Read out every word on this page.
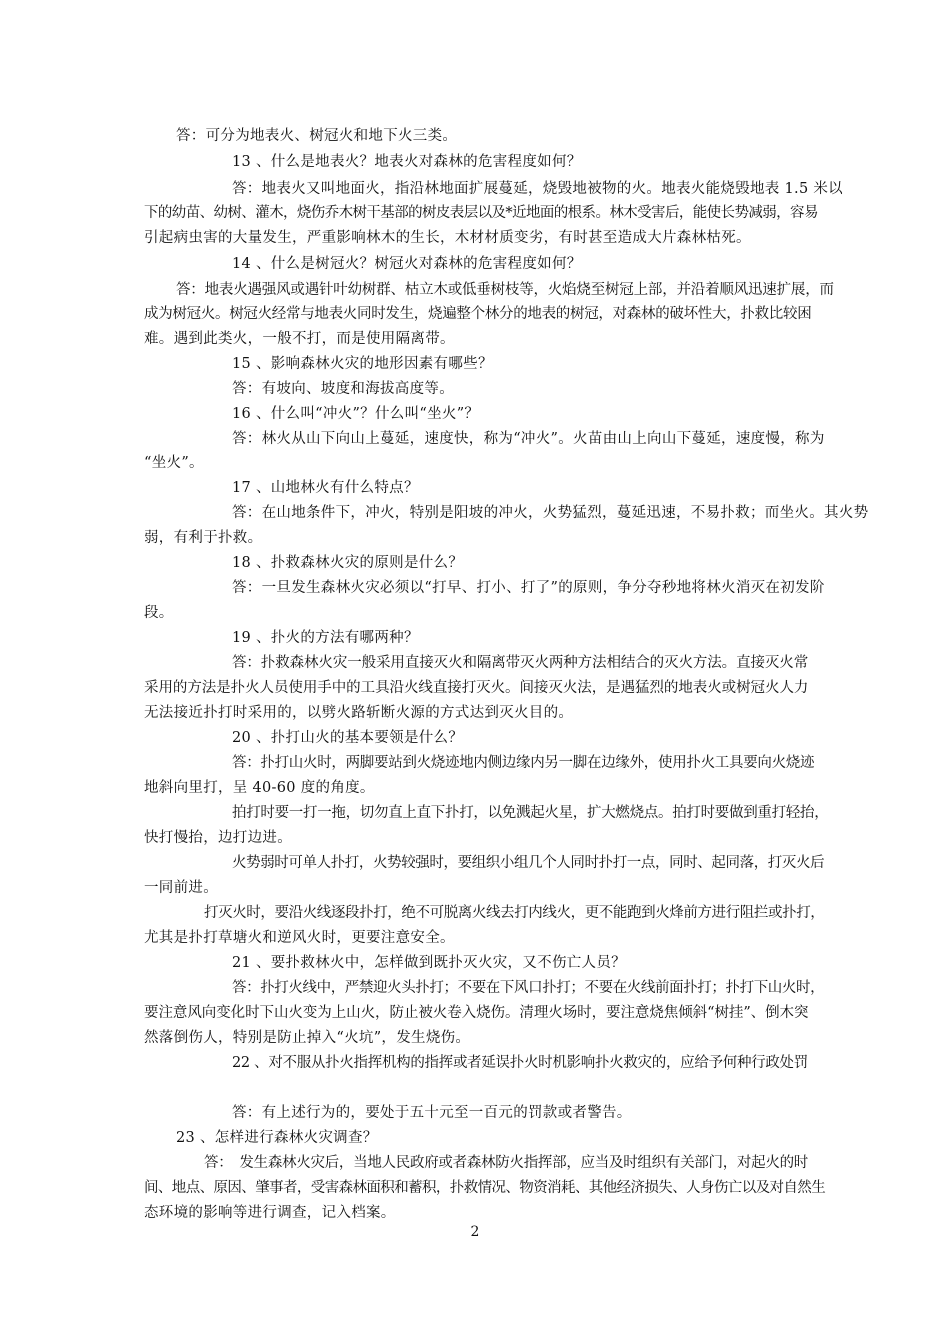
答：可分为地表火、树冠火和地下火三类。
13 、什么是地表火？地表火对森林的危害程度如何？
答：地表火又叫地面火，指沿林地面扩展蔓延，烧毁地被物的火。地表火能烧毁地表 1.5 米以
下的幼苗、幼树、灌木，烧伤乔木树干基部的树皮表层以及*近地面的根系。林木受害后，能使长势减弱，容易
引起病虫害的大量发生，严重影响林木的生长，木材材质变劣，有时甚至造成大片森林枯死。
14 、什么是树冠火？树冠火对森林的危害程度如何？
答：地表火遇强风或遇针叶幼树群、枯立木或低垂树枝等，火焰烧至树冠上部，并沿着顺风迅速扩展，而
成为树冠火。树冠火经常与地表火同时发生，烧遍整个林分的地表的树冠，对森林的破坏性大，扑救比较困
难。遇到此类火，一般不打，而是使用隔离带。
15 、影响森林火灾的地形因素有哪些？
答：有坡向、坡度和海拔高度等。
16 、什么叫“冲火”？什么叫“坐火”？
答：林火从山下向山上蔓延，速度快，称为“冲火”。火苗由山上向山下蔓延，速度慢，称为
“坐火”。
17 、山地林火有什么特点？
答：在山地条件下，冲火，特别是阳坡的冲火，火势猛烈，蔓延迅速，不易扑救；而坐火。其火势
弱，有利于扑救。
18 、扑救森林火灾的原则是什么？
答：一旦发生森林火灾必须以“打早、打小、打了”的原则，争分夺秒地将林火消灭在初发阶
段。
19 、扑火的方法有哪两种？
答：扑救森林火灾一般采用直接灭火和隔离带灭火两种方法相结合的灭火方法。直接灭火常
采用的方法是扑火人员使用手中的工具沿火线直接打灭火。间接灭火法，是遇猛烈的地表火或树冠火人力
无法接近扑打时采用的，以劈火路斩断火源的方式达到灭火目的。
20 、扑打山火的基本要领是什么？
答：扑打山火时，两脚要站到火烧迹地内侧边缘内另一脚在边缘外，使用扑火工具要向火烧迹
地斜向里打，呈 40-60 度的角度。
拍打时要一打一拖，切勿直上直下扑打，以免溅起火星，扩大燃烧点。拍打时要做到重打轻抬，
快打慢抬，边打边进。
火势弱时可单人扑打，火势较强时，要组织小组几个人同时扑打一点，同时、起同落，打灭火后
一同前进。
打灭火时，要沿火线逐段扑打，绝不可脱离火线去打内线火，更不能跑到火烽前方进行阻拦或扑打，
尤其是扑打草塘火和逆风火时，更要注意安全。
21 、要扑救林火中，怎样做到既扑灭火灾，又不伤亡人员？
答：扑打火线中，严禁迎火头扑打；不要在下风口扑打；不要在火线前面扑打；扑打下山火时，
要注意风向变化时下山火变为上山火，防止被火卷入烧伤。清理火场时，要注意烧焦倾斜“树挂”、倒木突
然落倒伤人，特别是防止掉入“火坑”，发生烧伤。
22 、对不服从扑火指挥机构的指挥或者延误扑火时机影响扑火救灾的，应给予何种行政处罚
答：有上述行为的，要处于五十元至一百元的罚款或者警告。
23 、怎样进行森林火灾调查？
答：　发生森林火灾后，当地人民政府或者森林防火指挥部，应当及时组织有关部门，对起火的时
间、地点、原因、肇事者，受害森林面积和蓄积，扑救情况、物资消耗、其他经济损失、人身伤亡以及对自然生
态环境的影响等进行调查，记入档案。
2
